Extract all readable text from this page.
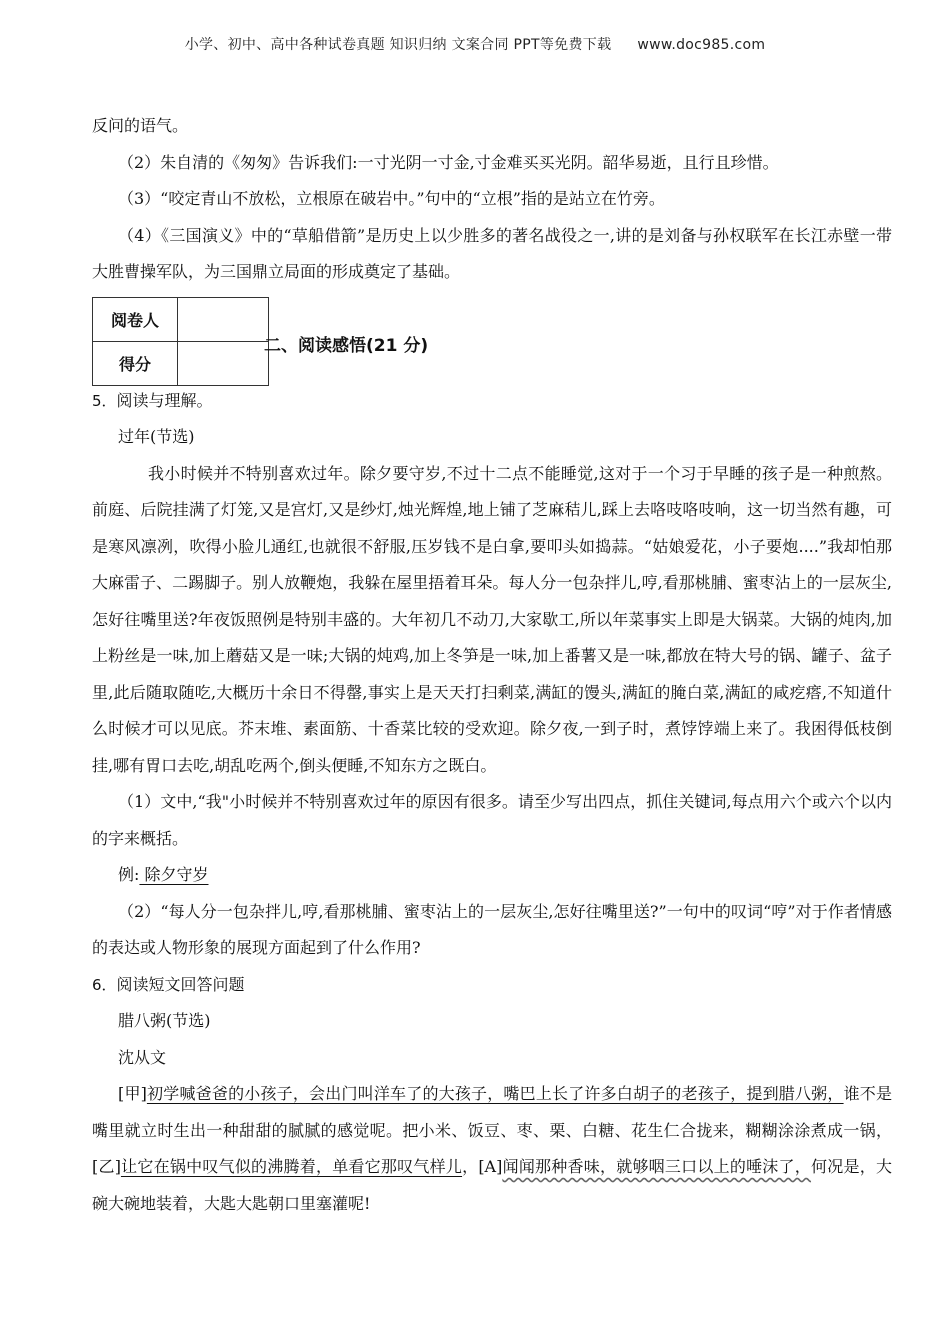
小学、初中、高中各种试卷真题 知识归纳 文案合同 PPT等免费下载 www.doc985.com

反问的语气。

（2）朱自清的《匆匆》告诉我们:一寸光阴一寸金,寸金难买买光阴。韶华易逝，且行且珍惜。

（3）“咬定青山不放松，立根原在破岩中。”句中的“立根”指的是站立在竹旁。

（4）《三国演义》中的“草船借箭”是历史上以少胜多的著名战役之一,讲的是刘备与孙权联军在长江赤壁一带大胜曹操军队，为三国鼎立局面的形成奠定了基础。

阅卷人	
得分	
二、阅读感悟(21 分)

5．阅读与理解。

过年(节选)

我小时候并不特别喜欢过年。除夕要守岁,不过十二点不能睡觉,这对于一个习于早睡的孩子是一种煎熬。前庭、后院挂满了灯笼,又是宫灯,又是纱灯,烛光辉煌,地上铺了芝麻秸儿,踩上去咯吱咯吱响，这一切当然有趣，可是寒风凛冽，吹得小脸儿通红,也就很不舒服,压岁钱不是白拿,要叩头如捣蒜。“姑娘爱花，小子要炮....”我却怕那大麻雷子、二踢脚子。别人放鞭炮，我躲在屋里捂着耳朵。每人分一包杂拌儿,哼,看那桃脯、蜜枣沾上的一层灰尘,怎好往嘴里送?年夜饭照例是特别丰盛的。大年初几不动刀,大家歇工,所以年菜事实上即是大锅菜。大锅的炖肉,加上粉丝是一味,加上蘑菇又是一味;大锅的炖鸡,加上冬笋是一味,加上番薯又是一味,都放在特大号的锅、罐子、盆子里,此后随取随吃,大概历十余日不得罄,事实上是天天打扫剩菜,满缸的馒头,满缸的腌白菜,满缸的咸疙瘩,不知道什么时候才可以见底。芥末堆、素面筋、十香菜比较的受欢迎。除夕夜,一到子时，煮饽饽端上来了。我困得低枝倒挂,哪有胃口去吃,胡乱吃两个,倒头便睡,不知东方之既白。

（1）文中,“我"小时候并不特别喜欢过年的原因有很多。请至少写出四点，抓住关键词,每点用六个或六个以内的字来概括。

例: 除夕守岁

（2）“每人分一包杂拌儿,哼,看那桃脯、蜜枣沾上的一层灰尘,怎好往嘴里送?”一句中的叹词“哼”对于作者情感的表达或人物形象的展现方面起到了什么作用?

6．阅读短文回答问题

腊八粥(节选)

沈从文

[甲]初学喊爸爸的小孩子，会出门叫洋车了的大孩子，嘴巴上长了许多白胡子的老孩子，提到腊八粥，谁不是嘴里就立时生出一种甜甜的腻腻的感觉呢。把小米、饭豆、枣、栗、白糖、花生仁合拢来，糊糊涂涂煮成一锅，[乙]让它在锅中叹气似的沸腾着，单看它那叹气样儿，[A]闻闻那种香味，就够咽三口以上的唾沫了，何况是，大碗大碗地装着，大匙大匙朝口里塞灌呢!
